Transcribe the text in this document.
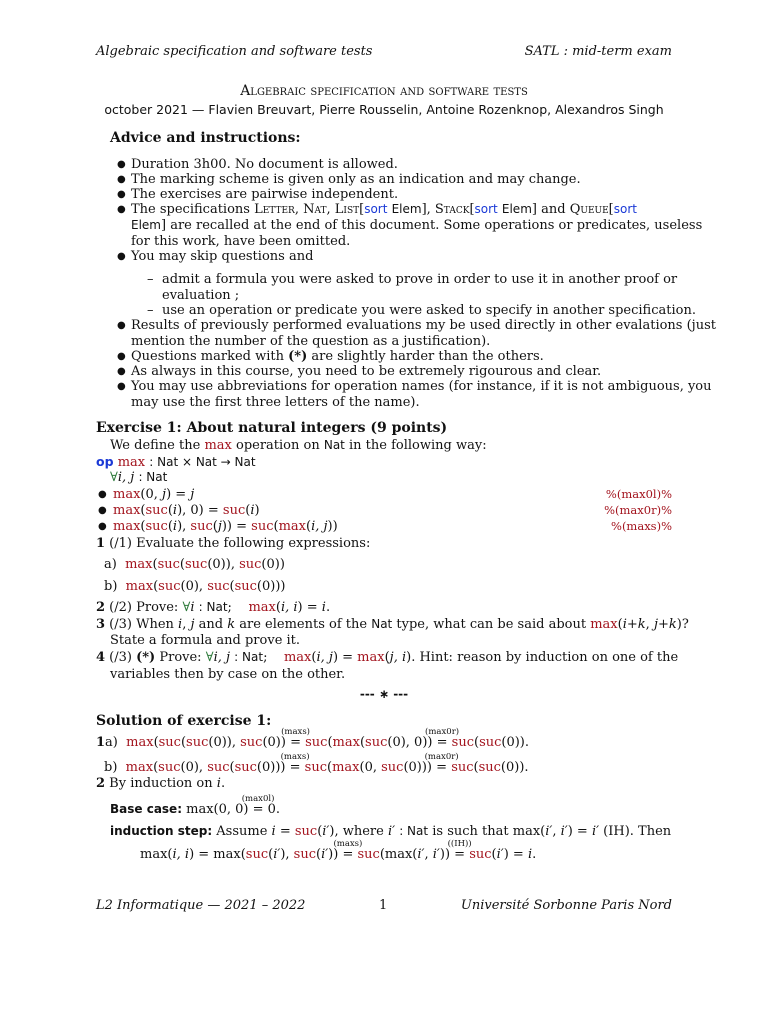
Algebraic specification and software tests	SATL : mid-term exam
Algebraic specification and software tests
october 2021 — Flavien Breuvart, Pierre Rousselin, Antoine Rozenknop, Alexandros Singh
Advice and instructions:
● Duration 3h00. No document is allowed.
● The marking scheme is given only as an indication and may change.
● The exercises are pairwise independent.
● The specifications Letter, Nat, List[sort Elem], Stack[sort Elem] and Queue[sort
Elem] are recalled at the end of this document. Some operations or predicates, useless
for this work, have been omitted.
● You may skip questions and
– admit a formula you were asked to prove in order to use it in another proof or
evaluation ;
– use an operation or predicate you were asked to specify in another specification.
● Results of previously performed evaluations my be used directly in other evalations (just
mention the number of the question as a justification).
● Questions marked with (*) are slightly harder than the others.
● As always in this course, you need to be extremely rigourous and clear.
● You may use abbreviations for operation names (for instance, if it is not ambiguous, you
may use the first three letters of the name).
Exercise 1: About natural integers (9 points)
We define the max operation on Nat in the following way:
op max : Nat × Nat → Nat
∀i, j : Nat
● max(0, j) = j	%(max0l)%
● max(suc(i), 0) = suc(i)	%(max0r)%
● max(suc(i), suc(j)) = suc(max(i, j))	%(maxs)%
1 (/1) Evaluate the following expressions:
a)  max(suc(suc(0)), suc(0))
b)  max(suc(0), suc(suc(0)))
2 (/2) Prove: ∀i : Nat;    max(i, i) = i.
3 (/3) When i, j and k are elements of the Nat type, what can be said about max(i+k, j+k)?
State a formula and prove it.
4 (/3) (*) Prove: ∀i, j : Nat;    max(i, j) = max(j, i). Hint: reason by induction on one of the
variables then by case on the other.
--- ∗ ---
Solution of exercise 1:
1a)  max(suc(suc(0)), suc(0))
(maxs)
= suc(max(suc(0), 0))
(max0r)
= suc(suc(0)).
b)  max(suc(0), suc(suc(0)))
(maxs)
= suc(max(0, suc(0)))
(max0r)
= suc(suc(0)).
2 By induction on i.
Base case: max(0, 0)
(max0l)
= 0.
induction step: Assume i = suc(i′), where i′ : Nat is such that max(i′, i′) = i′ (IH). Then
max(i, i) = max(suc(i′), suc(i′))
(maxs)
= suc(max(i′, i′))
((IH))
= suc(i′) = i.
L2 Informatique — 2021 – 2022	1	Université Sorbonne Paris Nord
